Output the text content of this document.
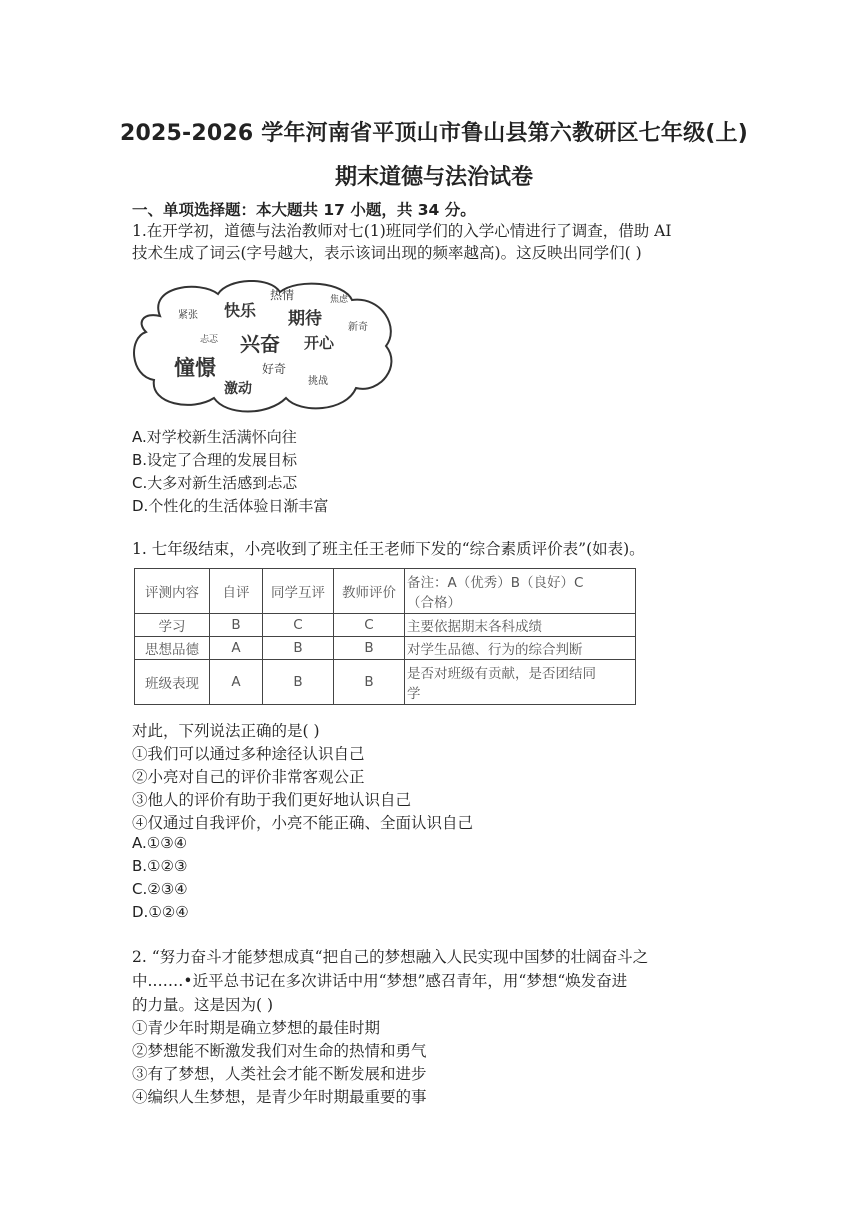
2025-2026 学年河南省平顶山市鲁山县第六教研区七年级(上)
期末道德与法治试卷
一、单项选择题：本大题共 17 小题，共 34 分。
1.在开学初，道德与法治教师对七(1)班同学们的入学心情进行了调查，借助 AI
技术生成了词云(字号越大，表示该词出现的频率越高)。这反映出同学们( )
紧张 快乐
热情	焦虑
期待	新奇
兴奋 开心
忐忑
憧憬	好奇
激动	挑战
A.对学校新生活满怀向往
B.设定了合理的发展目标
C.大多对新生活感到忐忑
D.个性化的生活体验日渐丰富
1. 七年级结束，小亮收到了班主任王老师下发的“综合素质评价表”(如表)。
评测内容	自评	同学互评	教师评价	备注：A（优秀）B（良好）C
（合格）

学习	B	C	C	主要依据期末各科成绩
思想品德	A	B	B	对学生品德、行为的综合判断
班级表现	A	B	B	是否对班级有贡献，是否团结同
学
对此，下列说法正确的是( )
①我们可以通过多种途径认识自己
②小亮对自己的评价非常客观公正
③他人的评价有助于我们更好地认识自己
④仅通过自我评价，小亮不能正确、全面认识自己
A.①③④
B.①②③
C.②③④
D.①②④
2. “努力奋斗才能梦想成真“把自己的梦想融入人民实现中国梦的壮阔奋斗之
中.……•近平总书记在多次讲话中用“梦想”感召青年，用“梦想“焕发奋进
的力量。这是因为( )
①青少年时期是确立梦想的最佳时期
②梦想能不断激发我们对生命的热情和勇气
③有了梦想，人类社会才能不断发展和进步
④编织人生梦想，是青少年时期最重要的事
